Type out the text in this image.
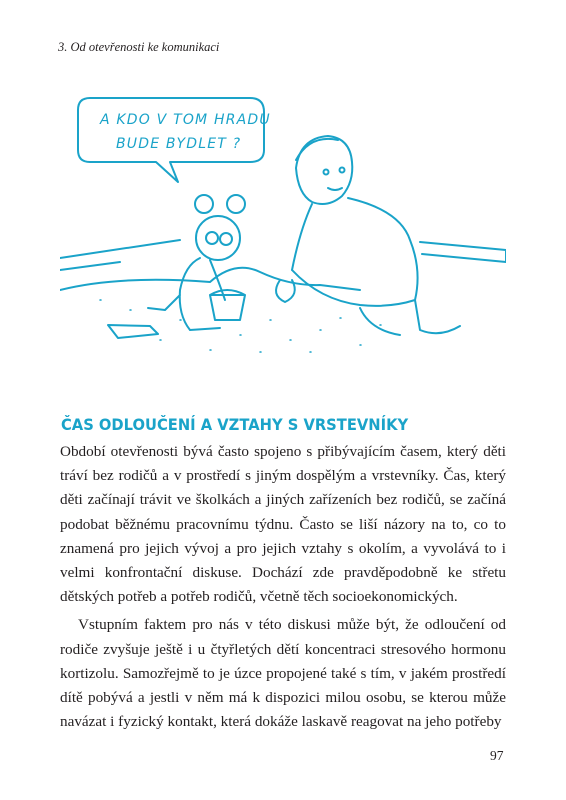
3. Od otevřenosti ke komunikaci
A KDO V TOM HRADU
BUDE BYDLET ?
ČAS ODLOUČENÍ A VZTAHY S VRSTEVNÍKY

Období otevřenosti bývá často spojeno s přibývajícím časem, který děti tráví bez rodičů a v prostředí s jiným dospělým a vrstevníky. Čas, který děti začínají trávit ve školkách a jiných zařízeních bez rodičů, se začíná podobat běžnému pracovnímu týdnu. Často se liší názory na to, co to znamená pro jejich vývoj a pro jejich vztahy s okolím, a vyvolává to i velmi konfrontační diskuse. Dochází zde pravděpodobně ke střetu dětských potřeb a potřeb rodičů, včetně těch socioekonomických.

Vstupním faktem pro nás v této diskusi může být, že odloučení od rodiče zvyšuje ještě i u čtyřletých dětí koncentraci stresového hormonu kortizolu. Samozřejmě to je úzce propojené také s tím, v jakém prostředí dítě pobývá a jestli v něm má k dispozici milou osobu, se kterou může navázat i fyzický kontakt, která dokáže laskavě reagovat na jeho potřeby

97
